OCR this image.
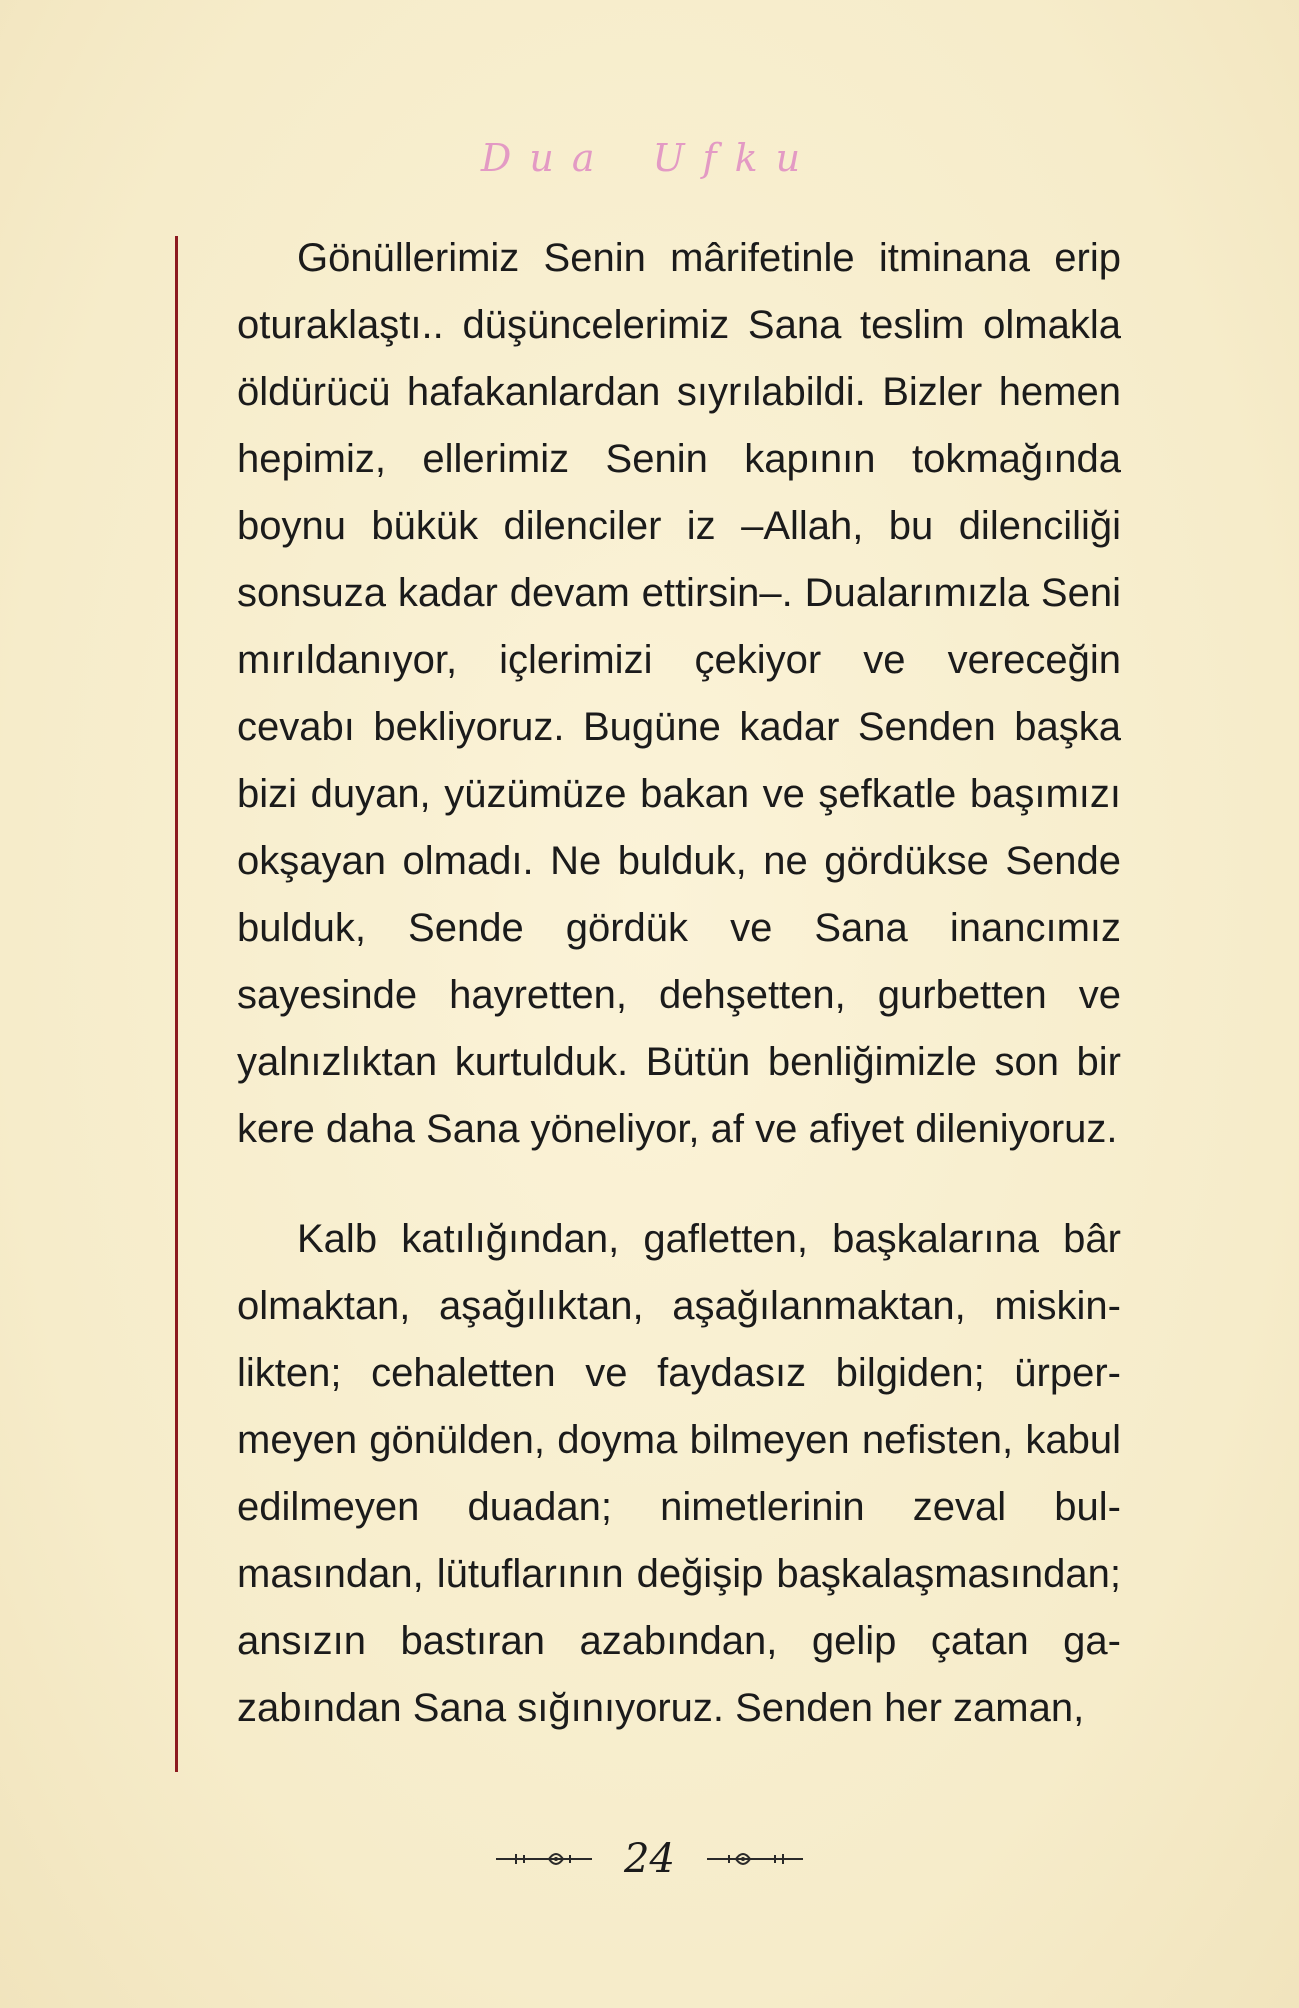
Dua Ufku

Gönüllerimiz Senin mârifetinle itminana erip oturaklaştı.. düşüncelerimiz Sana teslim olmakla öldürücü hafakanlardan sıyrılabildi. Bizler hemen hepimiz, ellerimiz Senin kapının tokmağında boynu bükük dilenciler iz –Allah, bu dilenciliği sonsuza kadar devam ettirsin–. Dualarımızla Seni mırıldanıyor, içlerimizi çekiyor ve vereceğin cevabı bekliyoruz. Bugüne kadar Senden başka bizi duyan, yüzümüze bakan ve şefkatle başımızı okşayan olmadı. Ne bulduk, ne gördükse Sende bulduk, Sende gördük ve Sana inancımız sayesinde hayretten, dehşetten, gurbetten ve yalnızlıktan kurtulduk. Bütün benliğimizle son bir kere daha Sana yöneliyor, af ve afiyet dileniyoruz.

Kalb katılığından, gafletten, başkalarına bâr olmaktan, aşağılıktan, aşağılanmaktan, miskinlikten; cehaletten ve faydasız bilgiden; ürpermeyen gönülden, doyma bilmeyen nefisten, kabul edilmeyen duadan; nimetlerinin zeval bulmasından, lütuflarının değişip başkalaşmasından; ansızın bastıran azabından, gelip çatan gazabından Sana sığınıyoruz. Senden her zaman,

24
